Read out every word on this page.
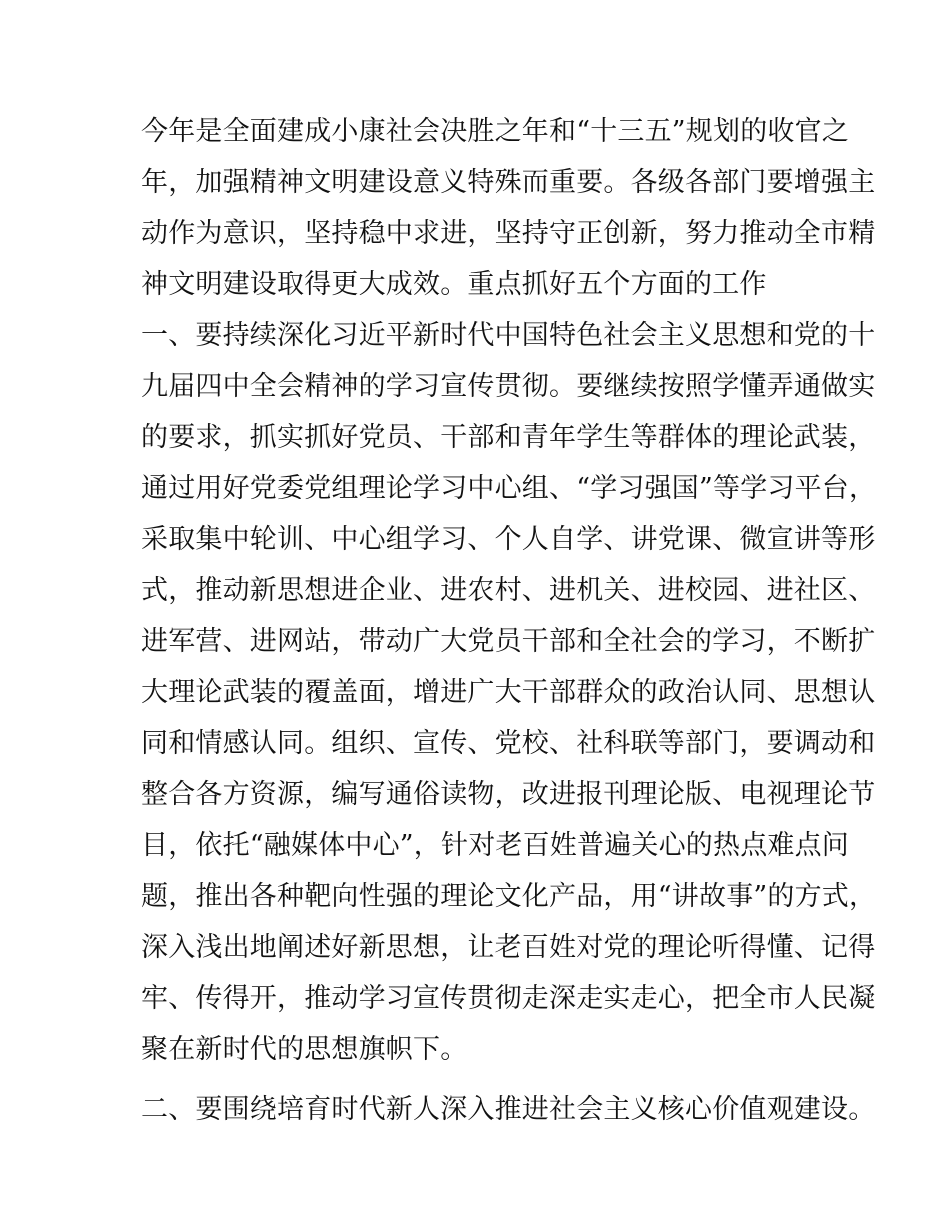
今年是全面建成小康社会决胜之年和“十三五”规划的收官之
年，加强精神文明建设意义特殊而重要。各级各部门要增强主
动作为意识，坚持稳中求进，坚持守正创新，努力推动全市精
神文明建设取得更大成效。重点抓好五个方面的工作
一、要持续深化习近平新时代中国特色社会主义思想和党的十
九届四中全会精神的学习宣传贯彻。要继续按照学懂弄通做实
的要求，抓实抓好党员、干部和青年学生等群体的理论武装，
通过用好党委党组理论学习中心组、“学习强国”等学习平台，
采取集中轮训、中心组学习、个人自学、讲党课、微宣讲等形
式，推动新思想进企业、进农村、进机关、进校园、进社区、
进军营、进网站，带动广大党员干部和全社会的学习，不断扩
大理论武装的覆盖面，增进广大干部群众的政治认同、思想认
同和情感认同。组织、宣传、党校、社科联等部门，要调动和
整合各方资源，编写通俗读物，改进报刊理论版、电视理论节
目，依托“融媒体中心”，针对老百姓普遍关心的热点难点问
题，推出各种靶向性强的理论文化产品，用“讲故事”的方式，
深入浅出地阐述好新思想，让老百姓对党的理论听得懂、记得
牢、传得开，推动学习宣传贯彻走深走实走心，把全市人民凝
聚在新时代的思想旗帜下。
二、要围绕培育时代新人深入推进社会主义核心价值观建设。
